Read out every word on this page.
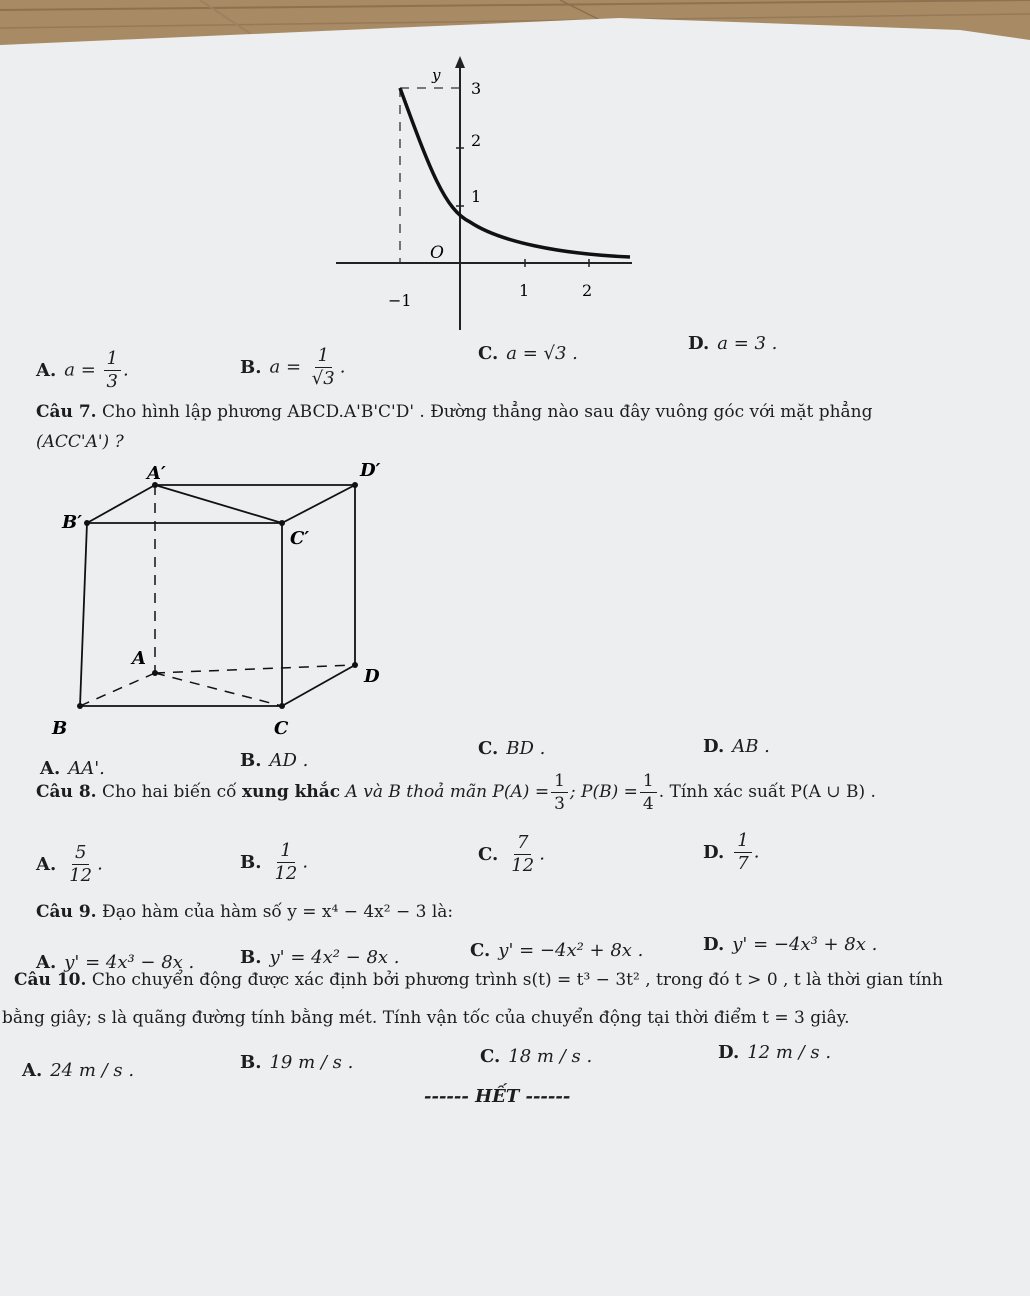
y
3
2
1
O
−1
1	2
A. $a = \frac{1}{3}$ .	B. $a = \frac{1}{√3}$ .
C. a = √3 .	D. a = 3 .
Câu 7. Cho hình lập phương ABCD.A'B'C'D' . Đường thẳng nào sau đây vuông góc với mặt phẳng
(ACC'A') ?
A′	D′
B′
C′
A
D
B	C
A. AA'.	B. AD .
C. BD .	D. AB .
Câu 8. Cho hai biến cố xung khắc A và B thoả mãn $P(A) = \frac{1}{3}$ ; $P(B) = \frac{1}{4}$ . Tính xác suất P(A ∪ B) .
A. $\frac{5}{12}$ .	B. $\frac{1}{12}$ .	C. $\frac{7}{12}$ .	D. $\frac{1}{7}$ .
Câu 9. Đạo hàm của hàm số y = x⁴ − 4x² − 3 là:
A. y' = 4x³ − 8x .	B. y' = 4x² − 8x .	C. y' = −4x² + 8x .	D. y' = −4x³ + 8x .
Câu 10. Cho chuyển động được xác định bởi phương trình s(t) = t³ − 3t² , trong đó t > 0 , t là thời gian tính
bằng giây; s là quãng đường tính bằng mét. Tính vận tốc của chuyển động tại thời điểm t = 3 giây.
A. 24 m / s .	B. 19 m / s .	C. 18 m / s .	D. 12 m / s .
------ HẾT ------
